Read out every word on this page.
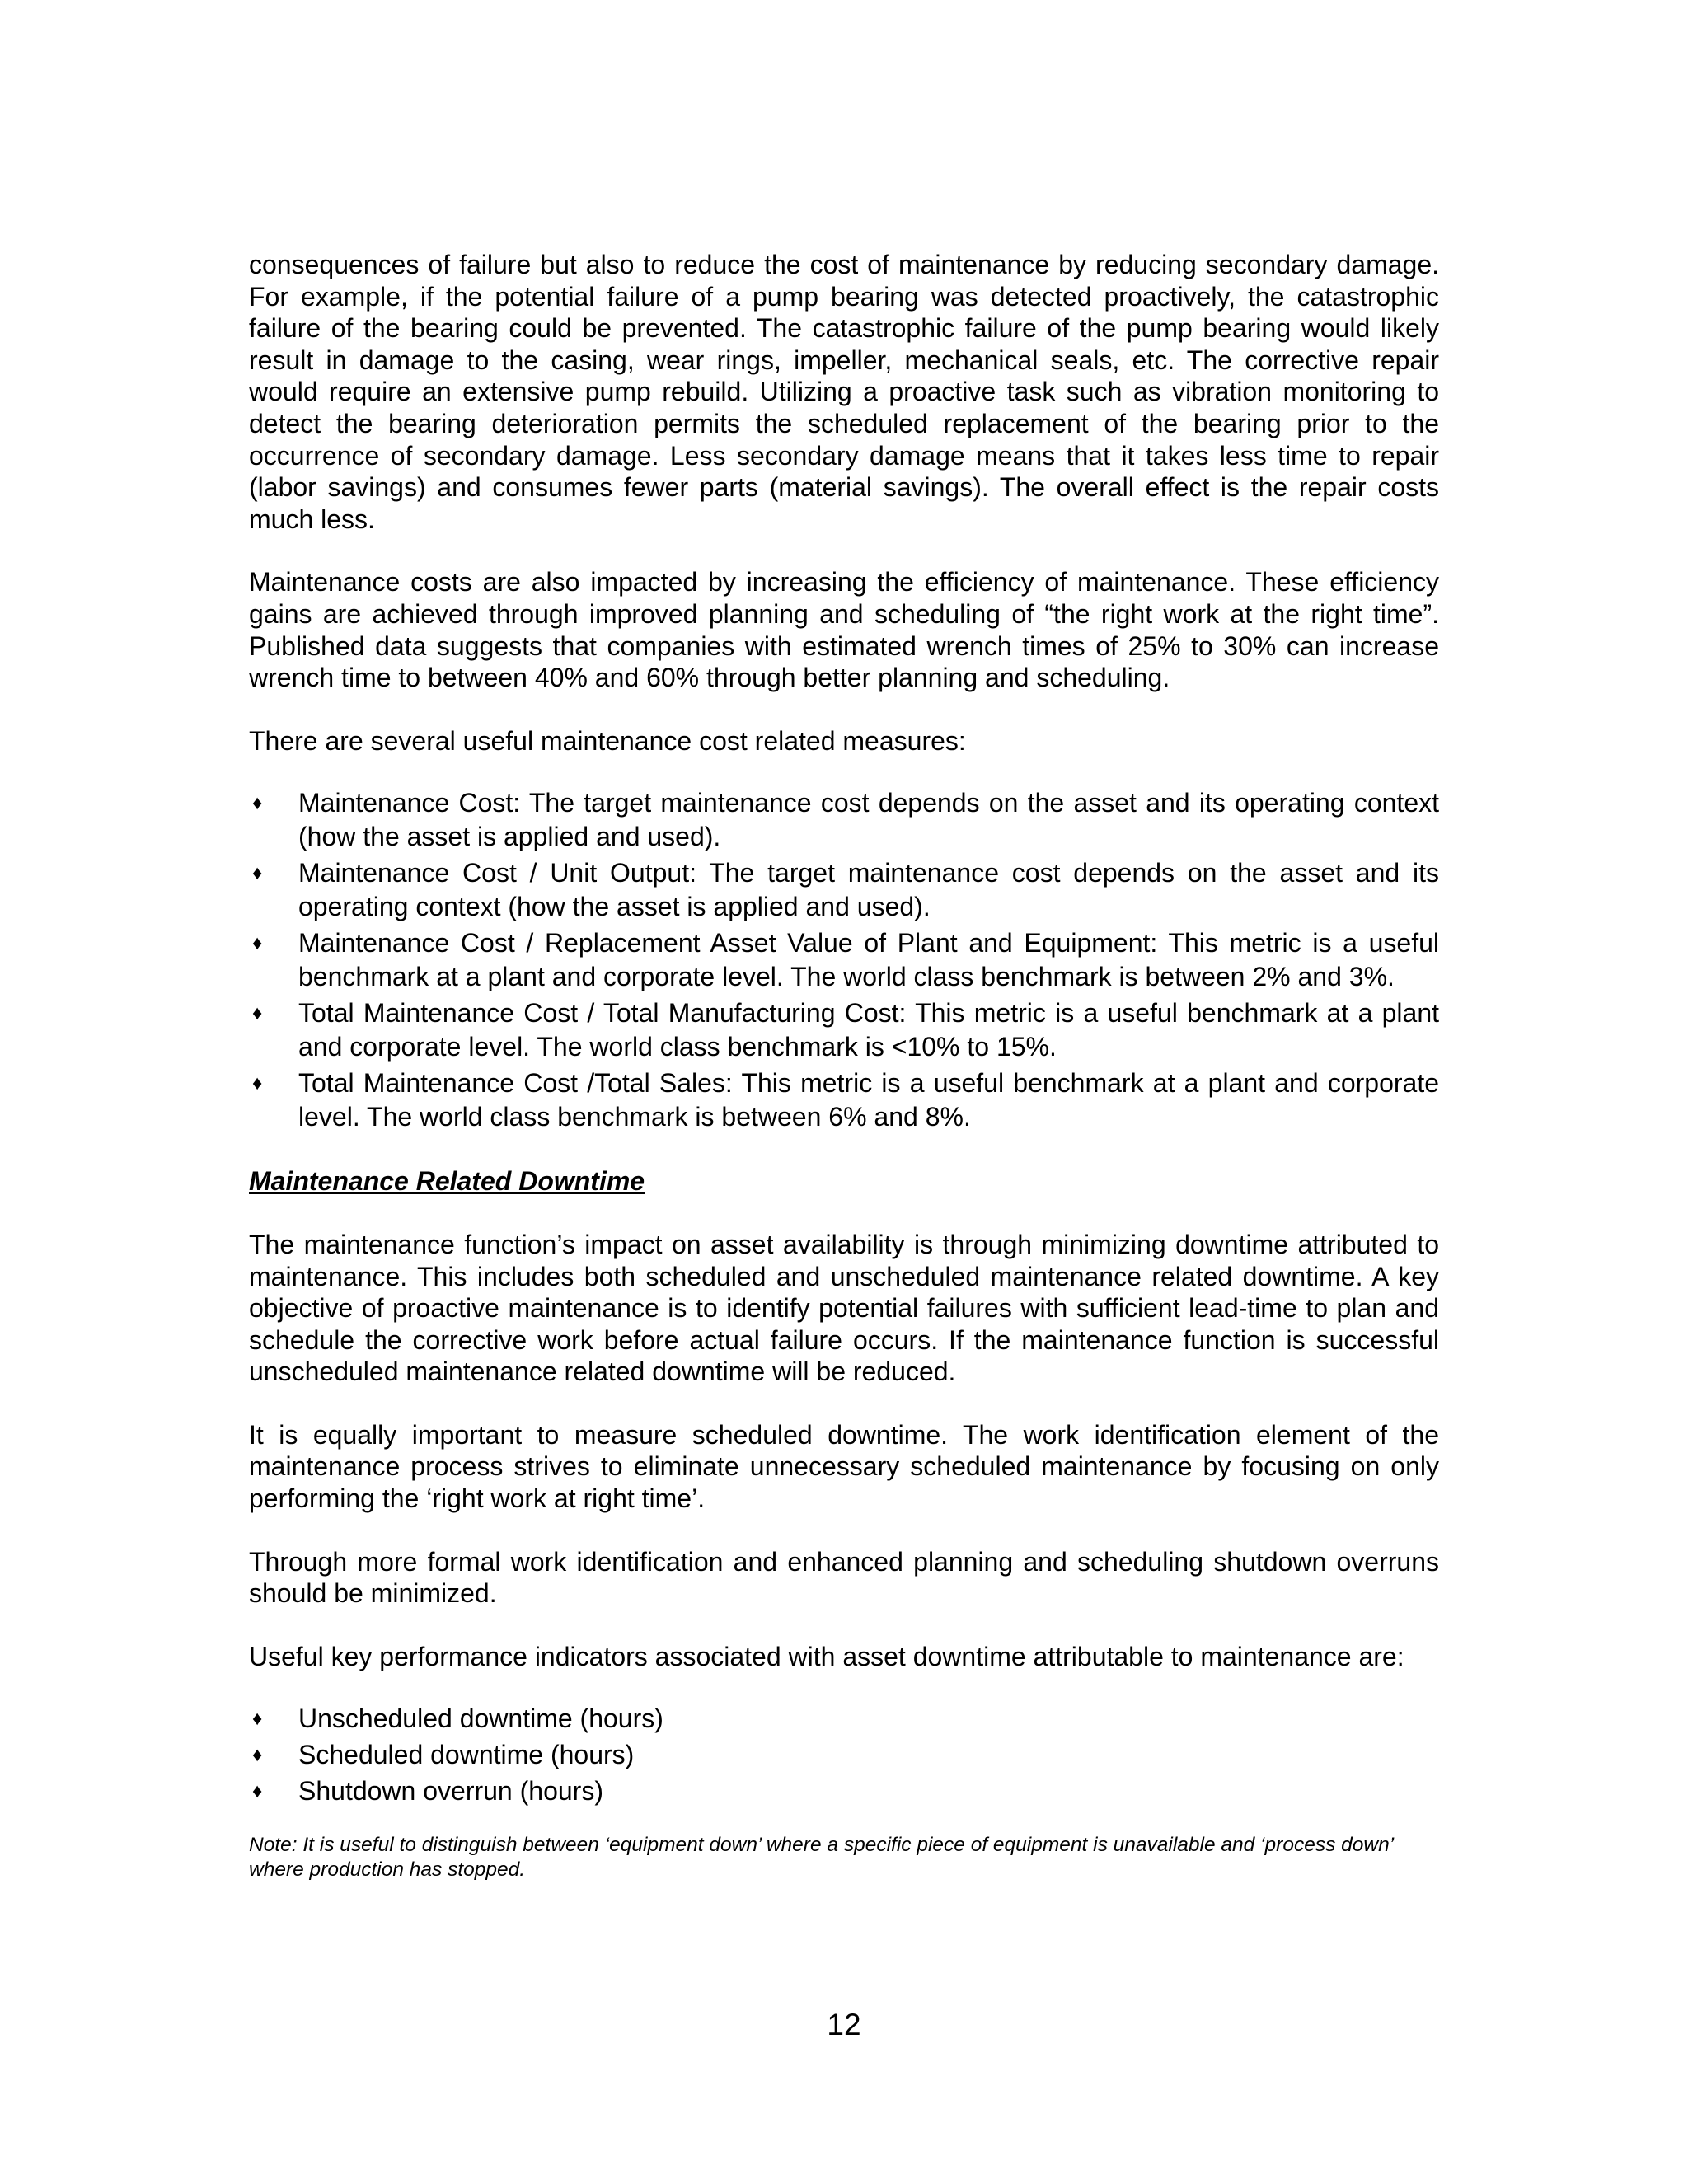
consequences of failure but also to reduce the cost of maintenance by reducing secondary damage. For example, if the potential failure of a pump bearing was detected proactively, the catastrophic failure of the bearing could be prevented. The catastrophic failure of the pump bearing would likely result in damage to the casing, wear rings, impeller, mechanical seals, etc. The corrective repair would require an extensive pump rebuild. Utilizing a proactive task such as vibration monitoring to detect the bearing deterioration permits the scheduled replacement of the bearing prior to the occurrence of secondary damage. Less secondary damage means that it takes less time to repair (labor savings) and consumes fewer parts (material savings). The overall effect is the repair costs much less.

Maintenance costs are also impacted by increasing the efficiency of maintenance. These efficiency gains are achieved through improved planning and scheduling of “the right work at the right time”. Published data suggests that companies with estimated wrench times of 25% to 30% can increase wrench time to between 40% and 60% through better planning and scheduling.

There are several useful maintenance cost related measures:

♦ Maintenance Cost: The target maintenance cost depends on the asset and its operating context (how the asset is applied and used).
♦ Maintenance Cost / Unit Output: The target maintenance cost depends on the asset and its operating context (how the asset is applied and used).
♦ Maintenance Cost / Replacement Asset Value of Plant and Equipment: This metric is a useful benchmark at a plant and corporate level. The world class benchmark is between 2% and 3%.
♦ Total Maintenance Cost / Total Manufacturing Cost: This metric is a useful benchmark at a plant and corporate level. The world class benchmark is <10% to 15%.
♦ Total Maintenance Cost /Total Sales: This metric is a useful benchmark at a plant and corporate level. The world class benchmark is between 6% and 8%.
Maintenance Related Downtime

The maintenance function’s impact on asset availability is through minimizing downtime attributed to maintenance. This includes both scheduled and unscheduled maintenance related downtime. A key objective of proactive maintenance is to identify potential failures with sufficient lead-time to plan and schedule the corrective work before actual failure occurs. If the maintenance function is successful unscheduled maintenance related downtime will be reduced.

It is equally important to measure scheduled downtime. The work identification element of the maintenance process strives to eliminate unnecessary scheduled maintenance by focusing on only performing the ‘right work at right time’.

Through more formal work identification and enhanced planning and scheduling shutdown overruns should be minimized.

Useful key performance indicators associated with asset downtime attributable to maintenance are:

♦ Unscheduled downtime (hours)
♦ Scheduled downtime (hours)
♦ Shutdown overrun (hours)

Note: It is useful to distinguish between ‘equipment down’ where a specific piece of equipment is unavailable and ‘process down’ where production has stopped.

12
